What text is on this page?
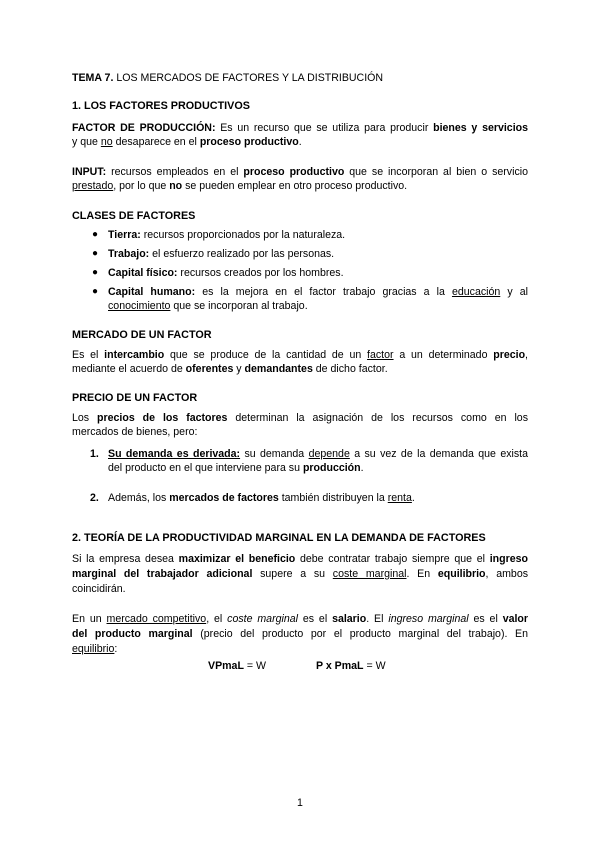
TEMA 7. LOS MERCADOS DE FACTORES Y LA DISTRIBUCIÓN
1. LOS FACTORES PRODUCTIVOS
FACTOR DE PRODUCCIÓN: Es un recurso que se utiliza para producir bienes y servicios
y que no desaparece en el proceso productivo.
INPUT: recursos empleados en el proceso productivo que se incorporan al bien o servicio
prestado, por lo que no se pueden emplear en otro proceso productivo.
CLASES DE FACTORES
● Tierra: recursos proporcionados por la naturaleza.
● Trabajo: el esfuerzo realizado por las personas.
● Capital físico: recursos creados por los hombres.
● Capital humano: es la mejora en el factor trabajo gracias a la educación y al
conocimiento que se incorporan al trabajo.
MERCADO DE UN FACTOR
Es el intercambio que se produce de la cantidad de un factor a un determinado precio,
mediante el acuerdo de oferentes y demandantes de dicho factor.
PRECIO DE UN FACTOR
Los precios de los factores determinan la asignación de los recursos como en los
mercados de bienes, pero:
1. Su demanda es derivada: su demanda depende a su vez de la demanda que exista
del producto en el que interviene para su producción.
2. Además, los mercados de factores también distribuyen la renta.
2. TEORÍA DE LA PRODUCTIVIDAD MARGINAL EN LA DEMANDA DE FACTORES
Si la empresa desea maximizar el beneficio debe contratar trabajo siempre que el ingreso
marginal del trabajador adicional supere a su coste marginal. En equilibrio, ambos
coincidirán.
En un mercado competitivo, el coste marginal es el salario. El ingreso marginal es el valor
del producto marginal (precio del producto por el producto marginal del trabajo). En
equilibrio:
VPmaL = W	P x PmaL = W
1
